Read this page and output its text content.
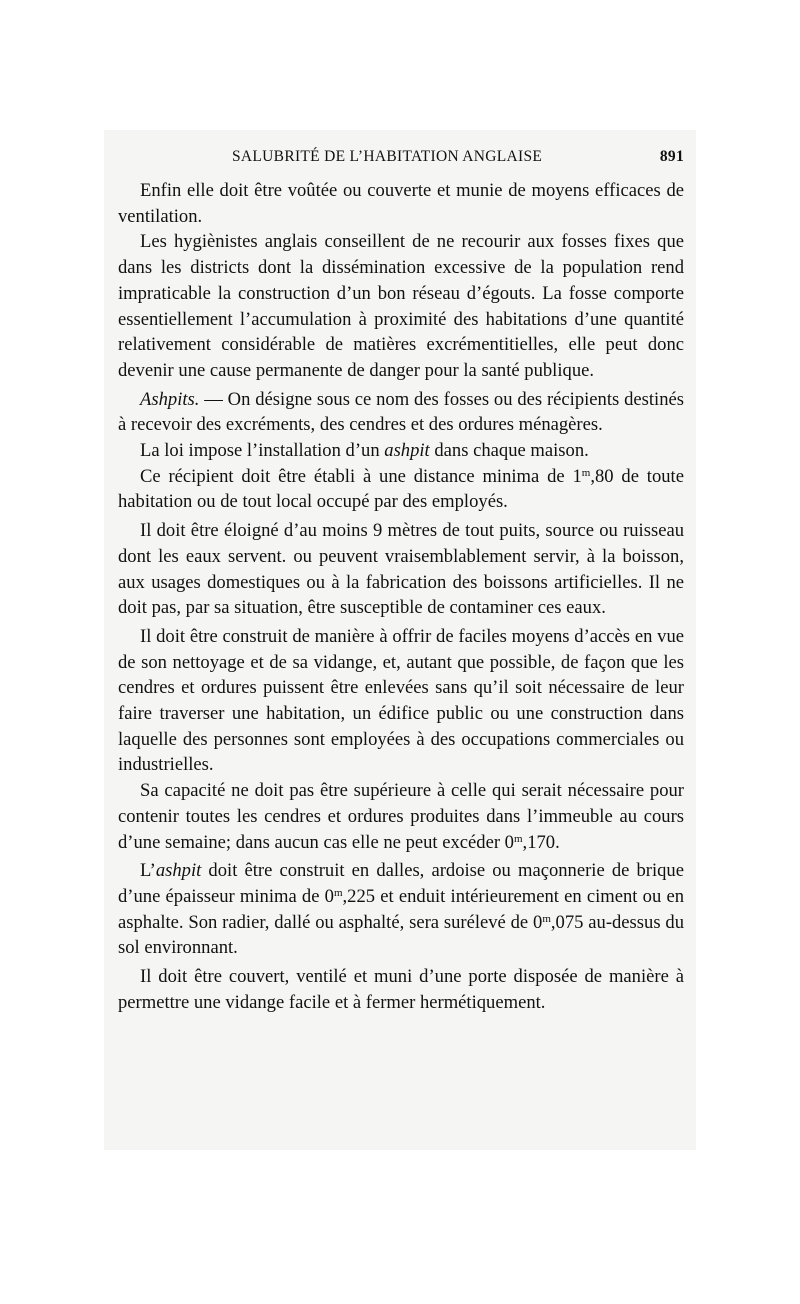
SALUBRITÉ DE L’HABITATION ANGLAISE	891

Enfin elle doit être voûtée ou couverte et munie de moyens efficaces de ventilation.

Les hygiènistes anglais conseillent de ne recourir aux fosses fixes que dans les districts dont la dissémination excessive de la population rend impraticable la construction d’un bon réseau d’égouts. La fosse comporte essentiellement l’accumulation à proximité des habitations d’une quantité relativement considérable de matières excrémentitielles, elle peut donc devenir une cause permanente de danger pour la santé publique.

Ashpits. — On désigne sous ce nom des fosses ou des récipients destinés à recevoir des excréments, des cendres et des ordures ménagères.

La loi impose l’installation d’un ashpit dans chaque maison.

Ce récipient doit être établi à une distance minima de 1$^m$,80 de toute habitation ou de tout local occupé par des employés.

Il doit être éloigné d’au moins 9 mètres de tout puits, source ou ruisseau dont les eaux servent. ou peuvent vraisemblablement servir, à la boisson, aux usages domestiques ou à la fabrication des boissons artificielles. Il ne doit pas, par sa situation, être susceptible de contaminer ces eaux.

Il doit être construit de manière à offrir de faciles moyens d’accès en vue de son nettoyage et de sa vidange, et, autant que possible, de façon que les cendres et ordures puissent être enlevées sans qu’il soit nécessaire de leur faire traverser une habitation, un édifice public ou une construction dans laquelle des personnes sont employées à des occupations commerciales ou industrielles.

Sa capacité ne doit pas être supérieure à celle qui serait nécessaire pour contenir toutes les cendres et ordures produites dans l’immeuble au cours d’une semaine; dans aucun cas elle ne peut excéder 0$^m$,170.

L’ashpit doit être construit en dalles, ardoise ou maçonnerie de brique d’une épaisseur minima de 0$^m$,225 et enduit intérieurement en ciment ou en asphalte. Son radier, dallé ou asphalté, sera surélevé de 0$^m$,075 au-dessus du sol environnant.

Il doit être couvert, ventilé et muni d’une porte disposée de manière à permettre une vidange facile et à fermer hermétiquement.
